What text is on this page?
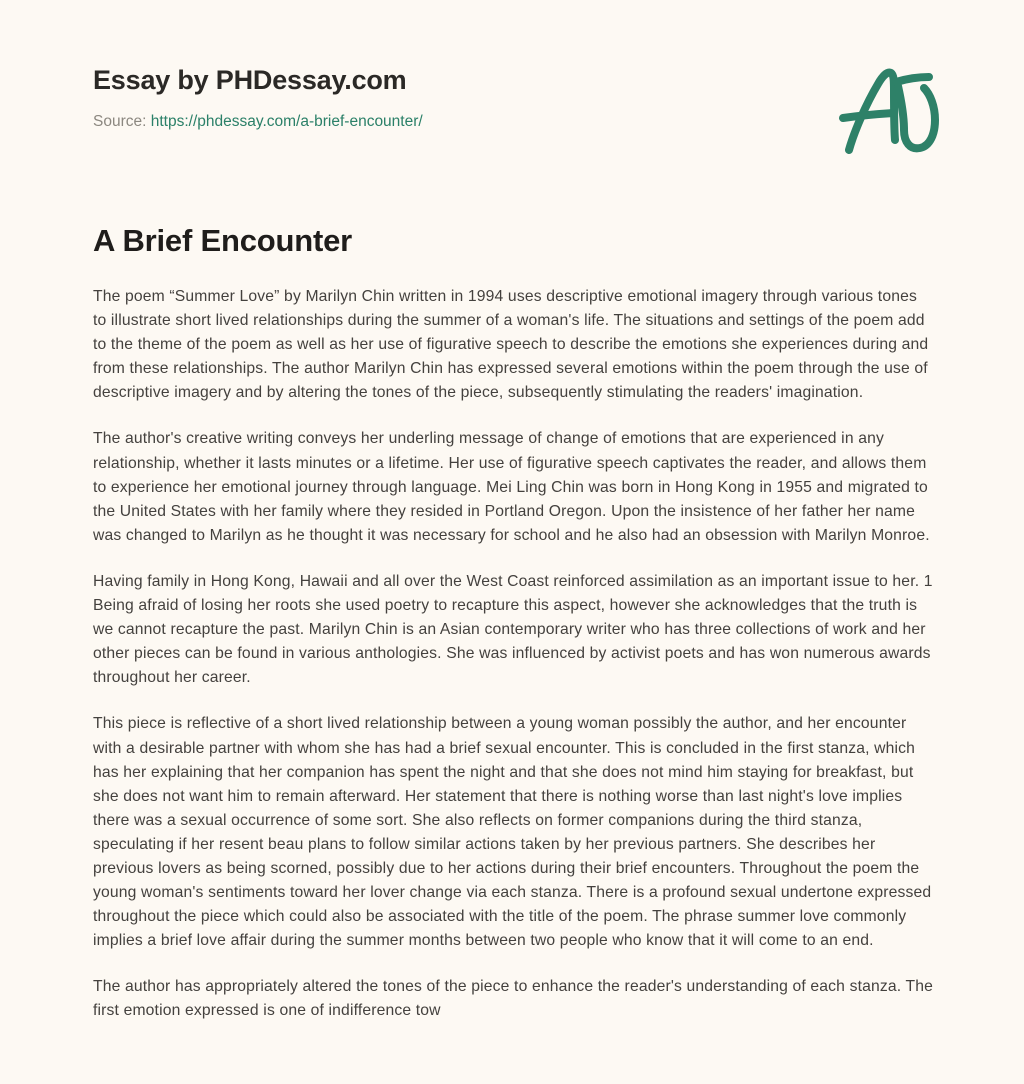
Essay by PHDessay.com
Source: https://phdessay.com/a-brief-encounter/
A Brief Encounter

The poem “Summer Love” by Marilyn Chin written in 1994 uses descriptive emotional imagery through various tones to illustrate short lived relationships during the summer of a woman's life. The situations and settings of the poem add to the theme of the poem as well as her use of figurative speech to describe the emotions she experiences during and from these relationships. The author Marilyn Chin has expressed several emotions within the poem through the use of descriptive imagery and by altering the tones of the piece, subsequently stimulating the readers' imagination.

The author's creative writing conveys her underling message of change of emotions that are experienced in any relationship, whether it lasts minutes or a lifetime. Her use of figurative speech captivates the reader, and allows them to experience her emotional journey through language. Mei Ling Chin was born in Hong Kong in 1955 and migrated to the United States with her family where they resided in Portland Oregon. Upon the insistence of her father her name was changed to Marilyn as he thought it was necessary for school and he also had an obsession with Marilyn Monroe.

Having family in Hong Kong, Hawaii and all over the West Coast reinforced assimilation as an important issue to her. 1 Being afraid of losing her roots she used poetry to recapture this aspect, however she acknowledges that the truth is we cannot recapture the past. Marilyn Chin is an Asian contemporary writer who has three collections of work and her other pieces can be found in various anthologies. She was influenced by activist poets and has won numerous awards throughout her career.

This piece is reflective of a short lived relationship between a young woman possibly the author, and her encounter with a desirable partner with whom she has had a brief sexual encounter. This is concluded in the first stanza, which has her explaining that her companion has spent the night and that she does not mind him staying for breakfast, but she does not want him to remain afterward. Her statement that there is nothing worse than last night's love implies there was a sexual occurrence of some sort. She also reflects on former companions during the third stanza, speculating if her resent beau plans to follow similar actions taken by her previous partners. She describes her previous lovers as being scorned, possibly due to her actions during their brief encounters. Throughout the poem the young woman's sentiments toward her lover change via each stanza. There is a profound sexual undertone expressed throughout the piece which could also be associated with the title of the poem. The phrase summer love commonly implies a brief love affair during the summer months between two people who know that it will come to an end.

The author has appropriately altered the tones of the piece to enhance the reader's understanding of each stanza. The first emotion expressed is one of indifference tow
